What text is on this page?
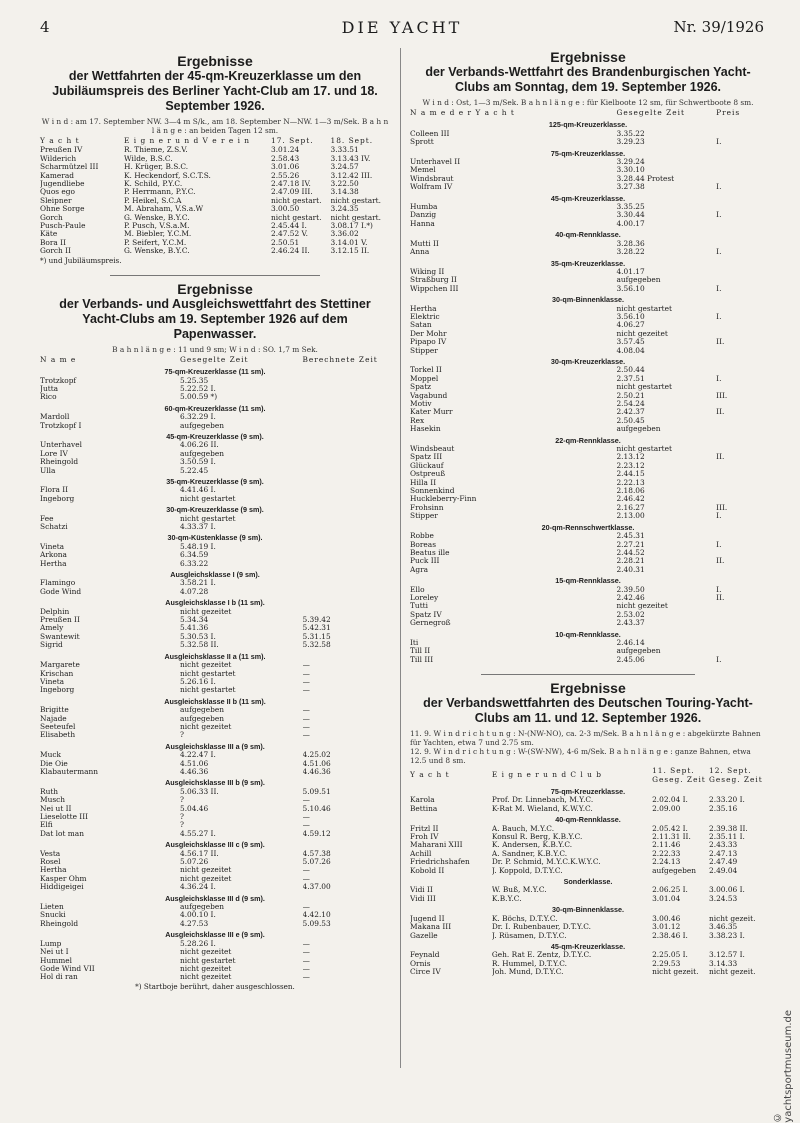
4	DIE YACHT	Nr. 39/1926
Ergebnisse
der Wettfahrten der 45-qm-Kreuzerklasse um den Jubiläumspreis des Berliner Yacht-Club am 17. und 18. September 1926.
W i n d : am 17. September NW. 3—4 m S/k., am 18. September N—NW. 1—3 m/Sek. B a h n l ä n g e : an beiden Tagen 12 sm.
Y a c h t	E i g n e r u n d V e r e i n	17. Sept.	18. Sept.
Preußen IV	R. Thieme, Z.S.V.	3.01.24	3.33.51
Wilderich	Wilde, B.S.C.	2.58.43	3.13.43 IV.
Scharmützel III	H. Krüger, B.S.C.	3.01.06	3.24.57
Kamerad	K. Heckendorf, S.C.T.S.	2.55.26	3.12.42 III.
Jugendliebe	K. Schild, P.Y.C.	2.47.18 IV.	3.22.50
Quos ego	P. Herrmann, P.Y.C.	2.47.09 III.	3.14.38
Sleipner	P. Heikel, S.C.A	nicht gestart.	nicht gestart.
Ohne Sorge	M. Abraham, V.S.a.W	3.00.50	3.24.35
Gorch	G. Wenske, B.Y.C.	nicht gestart.	nicht gestart.
Pusch-Paule	P. Pusch, V.S.a.M.	2.45.44 I.	3.08.17 I.*)
Käte	M. Biebler, Y.C.M.	2.47.52 V.	3.36.02
Bora II	P. Seifert, Y.C.M.	2.50.51	3.14.01 V.
Gorch II	G. Wenske, B.Y.C.	2.46.24 II.	3.12.15 II.
*) und Jubiläumspreis.
Ergebnisse
der Verbands- und Ausgleichswettfahrt des Stettiner Yacht-Clubs am 19. September 1926 auf dem Papenwasser.
B a h n l ä n g e : 11 und 9 sm; W i n d : SO. 1,7 m Sek.
N a m e	Gesegelte Zeit	Berechnete Zeit
75-qm-Kreuzerklasse (11 sm).		
Trotzkopf	5.25.35	
Jutta	5.22.52 I.	
Rico	5.00.59 *)	
60-qm-Kreuzerklasse (11 sm).		
Mardoll	6.32.29 I.	
Trotzkopf I	aufgegeben	
45-qm-Kreuzerklasse (9 sm).		
Unterhavel	4.06.26 II.	
Lore IV	aufgegeben	
Rheingold	3.50.59 I.	
Ulla	5.22.45	
35-qm-Kreuzerklasse (9 sm).		
Flora II	4.41.46 I.	
Ingeborg	nicht gestartet	
30-qm-Kreuzerklasse (9 sm).		
Fee	nicht gestartet	
Schatzi	4.33.37 I.	
30-qm-Küstenklasse (9 sm).		
Vineta	5.48.19 I.	
Arkona	6.34.59	
Hertha	6.33.22	
Ausgleichsklasse I (9 sm).		
Flamingo	3.58.21 I.	
Gode Wind	4.07.28	
Ausgleichsklasse I b (11 sm).		
Delphin	nicht gezeitet	
Preußen II	5.34.34	5.39.42
Amely	5.41.36	5.42.31
Swantewit	5.30.53 I.	5.31.15
Sigrid	5.32.58 II.	5.32.58
Ausgleichsklasse II a (11 sm).		
Margarete	nicht gezeitet	—
Krischan	nicht gestartet	—
Vineta	5.26.16 I.	—
Ingeborg	nicht gestartet	—
Ausgleichsklasse II b (11 sm).		
Brigitte	aufgegeben	—
Najade	aufgegeben	—
Seeteufel	nicht gezeitet	—
Elisabeth	?	—
Ausgleichsklasse III a (9 sm).		
Muck	4.22.47 I.	4.25.02
Die Oie	4.51.06	4.51.06
Klabautermann	4.46.36	4.46.36
Ausgleichsklasse III b (9 sm).		
Ruth	5.06.33 II.	5.09.51
Musch	?	—
Nei ut II	5.04.46	5.10.46
Lieselotte III	?	—
Elfi	?	—
Dat lot man	4.55.27 I.	4.59.12
Ausgleichsklasse III c (9 sm).		
Vesta	4.56.17 II.	4.57.38
Rosel	5.07.26	5.07.26
Hertha	nicht gezeitet	—
Kasper Ohm	nicht gezeitet	—
Hiddigeigei	4.36.24 I.	4.37.00
Ausgleichsklasse III d (9 sm).		
Lieten	aufgegeben	—
Snucki	4.00.10 I.	4.42.10
Rheingold	4.27.53	5.09.53
Ausgleichsklasse III e (9 sm).		
Lump	5.28.26 I.	—
Nei ut I	nicht gezeitet	—
Hummel	nicht gestartet	—
Gode Wind VII	nicht gezeitet	—
Hol di ran	nicht gezeitet	—
*) Startboje berührt, daher ausgeschlossen.
Ergebnisse
der Verbands-Wettfahrt des Brandenburgischen Yacht-Clubs am Sonntag, dem 19. September 1926.
W i n d : Ost, 1—3 m/Sek. B a h n l ä n g e : für Kielboote 12 sm, für Schwertboote 8 sm.
N a m e d e r Y a c h t	Gesegelte Zeit	Preis
125-qm-Kreuzerklasse.		
Colleen III	3.35.22	
Sprott	3.29.23	I.
75-qm-Kreuzerklasse.		
Unterhavel II	3.29.24	
Memel	3.30.10	
Windsbraut	3.28.44 Protest	
Wolfram IV	3.27.38	I.
45-qm-Kreuzerklasse.		
Humba	3.35.25	
Danzig	3.30.44	I.
Hanna	4.00.17	
40-qm-Rennklasse.		
Mutti II	3.28.36	
Anna	3.28.22	I.
35-qm-Kreuzerklasse.		
Wiking II	4.01.17	
Straßburg II	aufgegeben	
Wippchen III	3.56.10	I.
30-qm-Binnenklasse.		
Hertha	nicht gestartet	
Elektric	3.56.10	I.
Satan	4.06.27	
Der Mohr	nicht gezeitet	
Pipapo IV	3.57.45	II.
Stipper	4.08.04	
30-qm-Kreuzerklasse.		
Torkel II	2.50.44	
Moppel	2.37.51	I.
Spatz	nicht gestartet	
Vagabund	2.50.21	III.
Motiv	2.54.24	
Kater Murr	2.42.37	II.
Rex	2.50.45	
Hasekin	aufgegeben	
22-qm-Rennklasse.		
Windsbeaut	nicht gestartet	
Spatz III	2.13.12	II.
Glückauf	2.23.12	
Ostpreuß	2.44.15	
Hilla II	2.22.13	
Sonnenkind	2.18.06	
Huckleberry-Finn	2.46.42	
Frohsinn	2.16.27	III.
Stipper	2.13.00	I.
20-qm-Rennschwertklasse.		
Robbe	2.45.31	
Boreas	2.27.21	I.
Beatus ille	2.44.52	
Puck III	2.28.21	II.
Agra	2.40.31	
15-qm-Rennklasse.		
Ello	2.39.50	I.
Loreley	2.42.46	II.
Tutti	nicht gezeitet	
Spatz IV	2.53.02	
Gernegroß	2.43.37	
10-qm-Rennklasse.		
Iti	2.46.14	
Till II	aufgegeben	
Till III	2.45.06	I.
Ergebnisse
der Verbandswettfahrten des Deutschen Touring-Yacht-Clubs am 11. und 12. September 1926.
11. 9. W i n d r i c h t u n g : N-(NW-NO), ca. 2-3 m/Sek. B a h n l ä n g e : abgekürzte Bahnen für Yachten, etwa 7 und 2.75 sm.
12. 9. W i n d r i c h t u n g : W-(SW-NW), 4-6 m/Sek. B a h n l ä n g e : ganze Bahnen, etwa 12.5 und 8 sm.
Y a c h t	E i g n e r u n d C l u b	11. Sept. Geseg. Zeit	12. Sept. Geseg. Zeit
75-qm-Kreuzerklasse.			
Karola	Prof. Dr. Linnebach, M.Y.C.	2.02.04 I.	2.33.20 I.
Bettina	K-Rat M. Wieland, K.W.Y.C.	2.09.00	2.35.16
40-qm-Rennklasse.			
Fritzl II	A. Bauch, M.Y.C.	2.05.42 I.	2.39.38 II.
Froh IV	Konsul R. Berg, K.B.Y.C.	2.11.31 II.	2.35.11 I.
Maharani XIII	K. Andersen, K.B.Y.C.	2.11.46	2.43.33
Achill	A. Sandner, K.B.Y.C.	2.22.33	2.47.13
Friedrichshafen	Dr. P. Schmid, M.Y.C.K.W.Y.C.	2.24.13	2.47.49
Kobold II	J. Koppold, D.T.Y.C.	aufgegeben	2.49.04
Sonderklasse.			
Vidi II	W. Buß, M.Y.C.	2.06.25 I.	3.00.06 I.
Vidi III	K.B.Y.C.	3.01.04	3.24.53
30-qm-Binnenklasse.			
Jugend II	K. Böchs, D.T.Y.C.	3.00.46	nicht gezeit.
Makana III	Dr. I. Rubenbauer, D.T.Y.C.	3.01.12	3.46.35
Gazelle	J. Rüsamen, D.T.Y.C.	2.38.46 I.	3.38.23 I.
45-qm-Kreuzerklasse.			
Feynald	Geh. Rat E. Zentz, D.T.Y.C.	2.25.05 I.	3.12.57 I.
Ornis	R. Hummel, D.T.Y.C.	2.29.53	3.14.33
Circe IV	Joh. Mund, D.T.Y.C.	nicht gezeit.	nicht gezeit.
© yachtsportmuseum.de
